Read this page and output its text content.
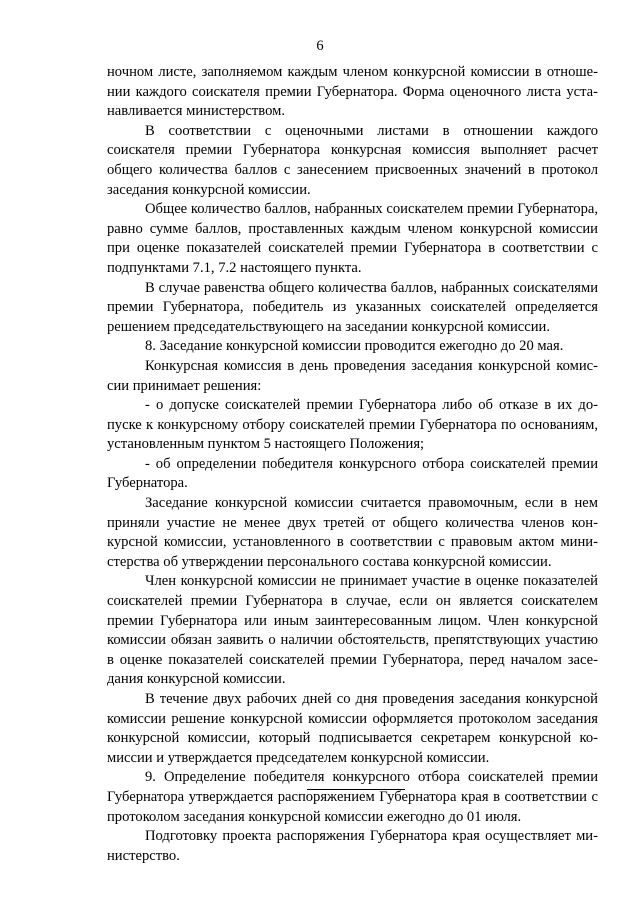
6

ночном листе, заполняемом каждым членом конкурсной комиссии в отношении каждого соискателя премии Губернатора. Форма оценочного листа устанавливается министерством.

В соответствии с оценочными листами в отношении каждого соискателя премии Губернатора конкурсная комиссия выполняет расчет общего количества баллов с занесением присвоенных значений в протокол заседания конкурсной комиссии.

Общее количество баллов, набранных соискателем премии Губернатора, равно сумме баллов, проставленных каждым членом конкурсной комиссии при оценке показателей соискателей премии Губернатора в соответствии с подпунктами 7.1, 7.2 настоящего пункта.

В случае равенства общего количества баллов, набранных соискателями премии Губернатора, победитель из указанных соискателей определяется решением председательствующего на заседании конкурсной комиссии.

8. Заседание конкурсной комиссии проводится ежегодно до 20 мая.

Конкурсная комиссия в день проведения заседания конкурсной комиссии принимает решения:

- о допуске соискателей премии Губернатора либо об отказе в их допуске к конкурсному отбору соискателей премии Губернатора по основаниям, установленным пунктом 5 настоящего Положения;

- об определении победителя конкурсного отбора соискателей премии Губернатора.

Заседание конкурсной комиссии считается правомочным, если в нем приняли участие не менее двух третей от общего количества членов конкурсной комиссии, установленного в соответствии с правовым актом министерства об утверждении персонального состава конкурсной комиссии.

Член конкурсной комиссии не принимает участие в оценке показателей соискателей премии Губернатора в случае, если он является соискателем премии Губернатора или иным заинтересованным лицом. Член конкурсной комиссии обязан заявить о наличии обстоятельств, препятствующих участию в оценке показателей соискателей премии Губернатора, перед началом заседания конкурсной комиссии.

В течение двух рабочих дней со дня проведения заседания конкурсной комиссии решение конкурсной комиссии оформляется протоколом заседания конкурсной комиссии, который подписывается секретарем конкурсной комиссии и утверждается председателем конкурсной комиссии.

9. Определение победителя конкурсного отбора соискателей премии Губернатора утверждается распоряжением Губернатора края в соответствии с протоколом заседания конкурсной комиссии ежегодно до 01 июля.

Подготовку проекта распоряжения Губернатора края осуществляет министерство.
